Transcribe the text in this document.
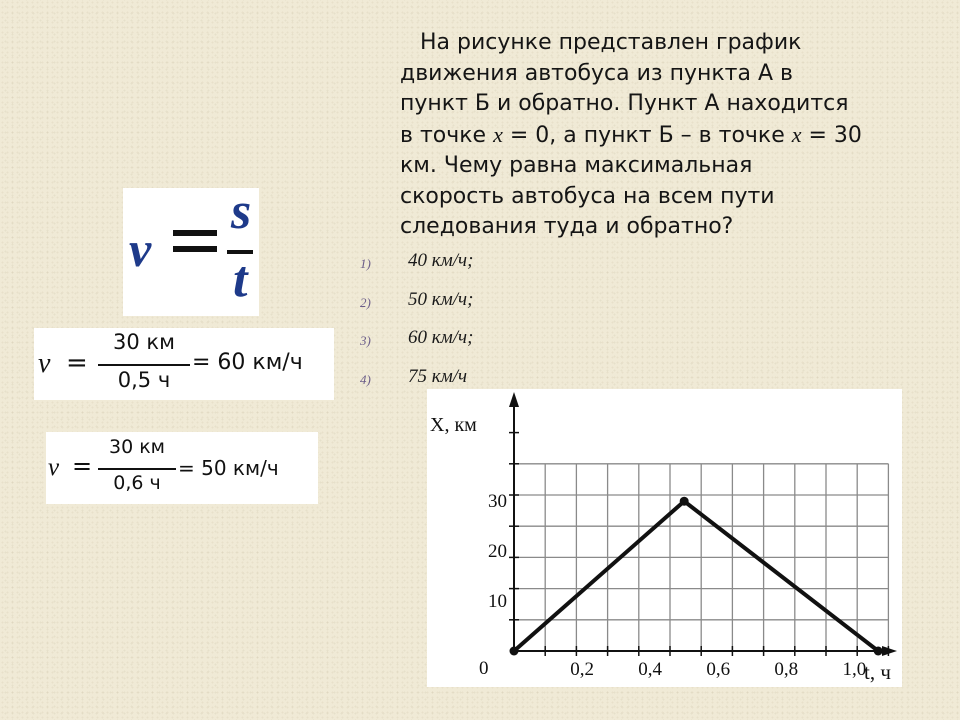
На рисунке представлен график
движения автобуса из пункта А в
пункт Б и обратно. Пункт А находится
в точке x = 0, а пункт Б – в точке x = 30
км. Чему равна максимальная
скорость автобуса на всем пути
следования туда и обратно?
1) 40 км/ч;
2) 50 км/ч;
3) 60 км/ч;
4) 75 км/ч
v
s
t
v =
30 км
0,5 ч
= 60 км/ч
v =
30 км
0,6 ч
= 50 км/ч
X, км
t, ч
0	0,2 0,4 0,6 0,8 1,0
10
20
30
